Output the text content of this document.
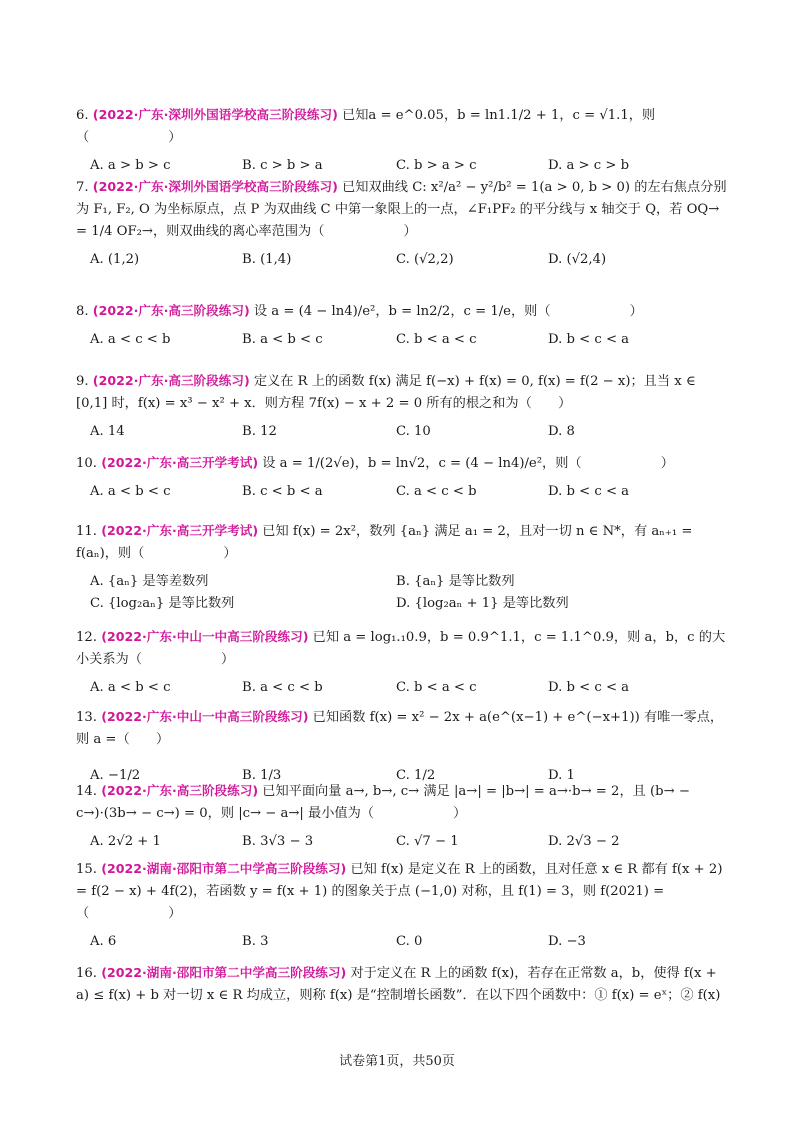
6. (2022·广东·深圳外国语学校高三阶段练习) 已知a = e^0.05，b = ln1.1/2 + 1，c = √1.1，则（　　　　　　）
A. a > b > c	B. c > b > a	C. b > a > c	D. a > c > b
7. (2022·广东·深圳外国语学校高三阶段练习) 已知双曲线 C: x²/a² − y²/b² = 1(a > 0, b > 0) 的左右焦点分别为 F₁, F₂, O 为坐标原点，点 P 为双曲线 C 中第一象限上的一点，∠F₁PF₂ 的平分线与 x 轴交于 Q，若 OQ→ = 1/4 OF₂→，则双曲线的离心率范围为（　　　　　　）
A. (1,2)	B. (1,4)	C. (√2,2)	D. (√2,4)
8. (2022·广东·高三阶段练习) 设 a = (4 − ln4)/e²，b = ln2/2，c = 1/e，则（　　　　　　）
A. a < c < b	B. a < b < c	C. b < a < c	D. b < c < a
9. (2022·广东·高三阶段练习) 定义在 R 上的函数 f(x) 满足 f(−x) + f(x) = 0, f(x) = f(2 − x)；且当 x ∈ [0,1] 时，f(x) = x³ − x² + x．则方程 7f(x) − x + 2 = 0 所有的根之和为（　　）
A. 14	B. 12	C. 10	D. 8
10. (2022·广东·高三开学考试) 设 a = 1/(2√e)，b = ln√2，c = (4 − ln4)/e²，则（　　　　　　）
A. a < b < c	B. c < b < a	C. a < c < b	D. b < c < a
11. (2022·广东·高三开学考试) 已知 f(x) = 2x²，数列 {aₙ} 满足 a₁ = 2，且对一切 n ∈ N*，有 aₙ₊₁ = f(aₙ)，则（　　　　　　）
A. {aₙ} 是等差数列	B. {aₙ} 是等比数列
C. {log₂aₙ} 是等比数列	D. {log₂aₙ + 1} 是等比数列
12. (2022·广东·中山一中高三阶段练习) 已知 a = log₁.₁0.9，b = 0.9^1.1，c = 1.1^0.9，则 a，b，c 的大小关系为（　　　　　　）
A. a < b < c	B. a < c < b	C. b < a < c	D. b < c < a
13. (2022·广东·中山一中高三阶段练习) 已知函数 f(x) = x² − 2x + a(e^(x−1) + e^(−x+1)) 有唯一零点，则 a =（　　）
A. −1/2	B. 1/3	C. 1/2	D. 1
14. (2022·广东·高三阶段练习) 已知平面向量 a→, b→, c→ 满足 |a→| = |b→| = a→·b→ = 2，且 (b→ − c→)·(3b→ − c→) = 0，则 |c→ − a→| 最小值为（　　　　　　）
A. 2√2 + 1	B. 3√3 − 3	C. √7 − 1	D. 2√3 − 2
15. (2022·湖南·邵阳市第二中学高三阶段练习) 已知 f(x) 是定义在 R 上的函数，且对任意 x ∈ R 都有 f(x + 2) = f(2 − x) + 4f(2)，若函数 y = f(x + 1) 的图象关于点 (−1,0) 对称，且 f(1) = 3，则 f(2021) =（　　　　　　）
A. 6	B. 3	C. 0	D. −3
16. (2022·湖南·邵阳市第二中学高三阶段练习) 对于定义在 R 上的函数 f(x)，若存在正常数 a，b，使得 f(x + a) ≤ f(x) + b 对一切 x ∈ R 均成立，则称 f(x) 是“控制增长函数”．在以下四个函数中：① f(x) = eˣ；② f(x)
试卷第1页，共50页
